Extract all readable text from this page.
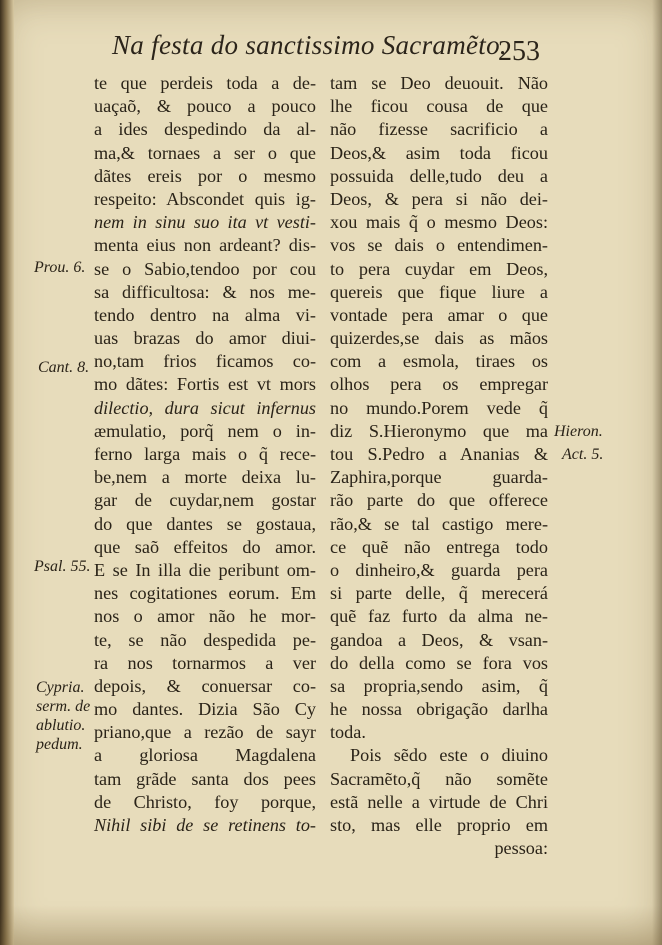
Na festa do sanctissimo Sacramẽto.
253
te que perdeis toda a de-
uaçaõ, & pouco a pouco
a ides despedindo da al-
ma,& tornaes a ser o que
dãtes ereis por o mesmo
respeito: Abscondet quis ig-
nem in sinu suo ita vt vesti-
menta eius non ardeant? dis-
se o Sabio,tendoo por cou
sa difficultosa: & nos me-
tendo dentro na alma vi-
uas brazas do amor diui-
no,tam frios ficamos co-
mo dãtes: Fortis est vt mors
dilectio, dura sicut infernus
æmulatio, porq̃ nem o in-
ferno larga mais o q̃ rece-
be,nem a morte deixa lu-
gar de cuydar,nem gostar
do que dantes se gostaua,
que saõ effeitos do amor.
E se In illa die peribunt om-
nes cogitationes eorum. Em
nos o amor não he mor-
te, se não despedida pe-
ra nos tornarmos a ver
depois, & conuersar co-
mo dantes. Dizia São Cy
priano,que a rezão de sayr
a gloriosa Magdalena
tam grãde santa dos pees
de Christo, foy porque,
Nihil sibi de se retinens to-
tam se Deo deuouit. Não
lhe ficou cousa de que
não fizesse sacrificio a
Deos,& asim toda ficou
possuida delle,tudo deu a
Deos, & pera si não dei-
xou mais q̃ o mesmo Deos:
vos se dais o entendimen-
to pera cuydar em Deos,
quereis que fique liure a
vontade pera amar o que
quizerdes,se dais as mãos
com a esmola, tiraes os
olhos pera os empregar
no mundo.Porem vede q̃
diz S.Hieronymo que ma
tou S.Pedro a Ananias &
Zaphira,porque guarda-
rão parte do que offerece
rão,& se tal castigo mere-
ce quẽ não entrega todo
o dinheiro,& guarda pera
si parte delle, q̃ merecerá
quẽ faz furto da alma ne-
gandoa a Deos, & vsan-
do della como se fora vos
sa propria,sendo asim, q̃
he nossa obrigação darlha
toda.
Pois sẽdo este o diuino
Sacramẽto,q̃ não somẽte
estã nelle a virtude de Chri
sto, mas elle proprio em
pessoa:
Prou. 6.
Cant. 8.
Psal. 55.
Cypria.
serm. de
ablutio.
pedum.
Hieron.
Act. 5.
